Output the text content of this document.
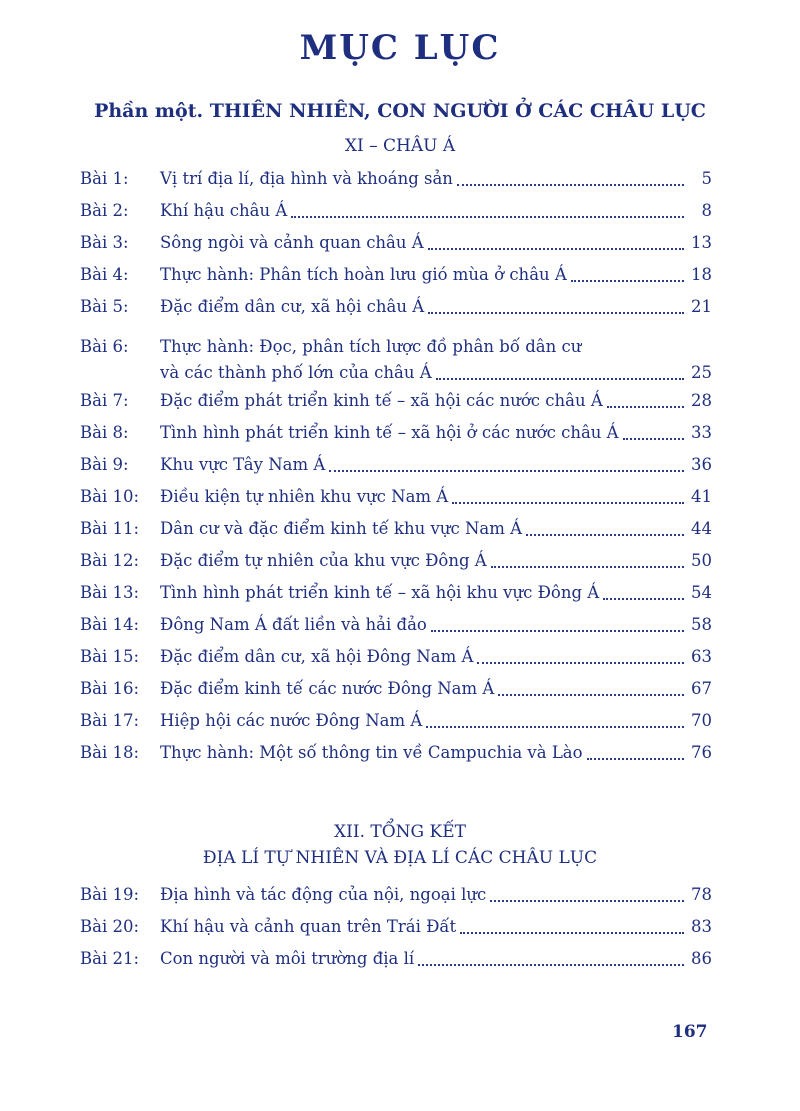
MỤC LỤC
Phần một. THIÊN NHIÊN, CON NGƯỜI Ở CÁC CHÂU LỤC
XI – CHÂU Á
Bài 1:	Vị trí địa lí, địa hình và khoáng sản	5
Bài 2:	Khí hậu châu Á	8
Bài 3:	Sông ngòi và cảnh quan châu Á	13
Bài 4:	Thực hành: Phân tích hoàn lưu gió mùa ở châu Á	18
Bài 5:	Đặc điểm dân cư, xã hội châu Á	21
Bài 6:	Thực hành: Đọc, phân tích lược đồ phân bố dân cư
và các thành phố lớn của châu Á	25
Bài 7:	Đặc điểm phát triển kinh tế – xã hội các nước châu Á	28
Bài 8:	Tình hình phát triển kinh tế – xã hội ở các nước châu Á	33
Bài 9:	Khu vực Tây Nam Á	36
Bài 10:	Điều kiện tự nhiên khu vực Nam Á	41
Bài 11:	Dân cư và đặc điểm kinh tế khu vực Nam Á	44
Bài 12:	Đặc điểm tự nhiên của khu vực Đông Á	50
Bài 13:	Tình hình phát triển kinh tế – xã hội khu vực Đông Á	54
Bài 14:	Đông Nam Á đất liền và hải đảo	58
Bài 15:	Đặc điểm dân cư, xã hội Đông Nam Á	63
Bài 16:	Đặc điểm kinh tế các nước Đông Nam Á	67
Bài 17:	Hiệp hội các nước Đông Nam Á	70
Bài 18:	Thực hành: Một số thông tin về Campuchia và Lào	76
XII. TỔNG KẾT
ĐỊA LÍ TỰ NHIÊN VÀ ĐỊA LÍ CÁC CHÂU LỤC
Bài 19:	Địa hình và tác động của nội, ngoại lực	78
Bài 20:	Khí hậu và cảnh quan trên Trái Đất	83
Bài 21:	Con người và môi trường địa lí	86
167
